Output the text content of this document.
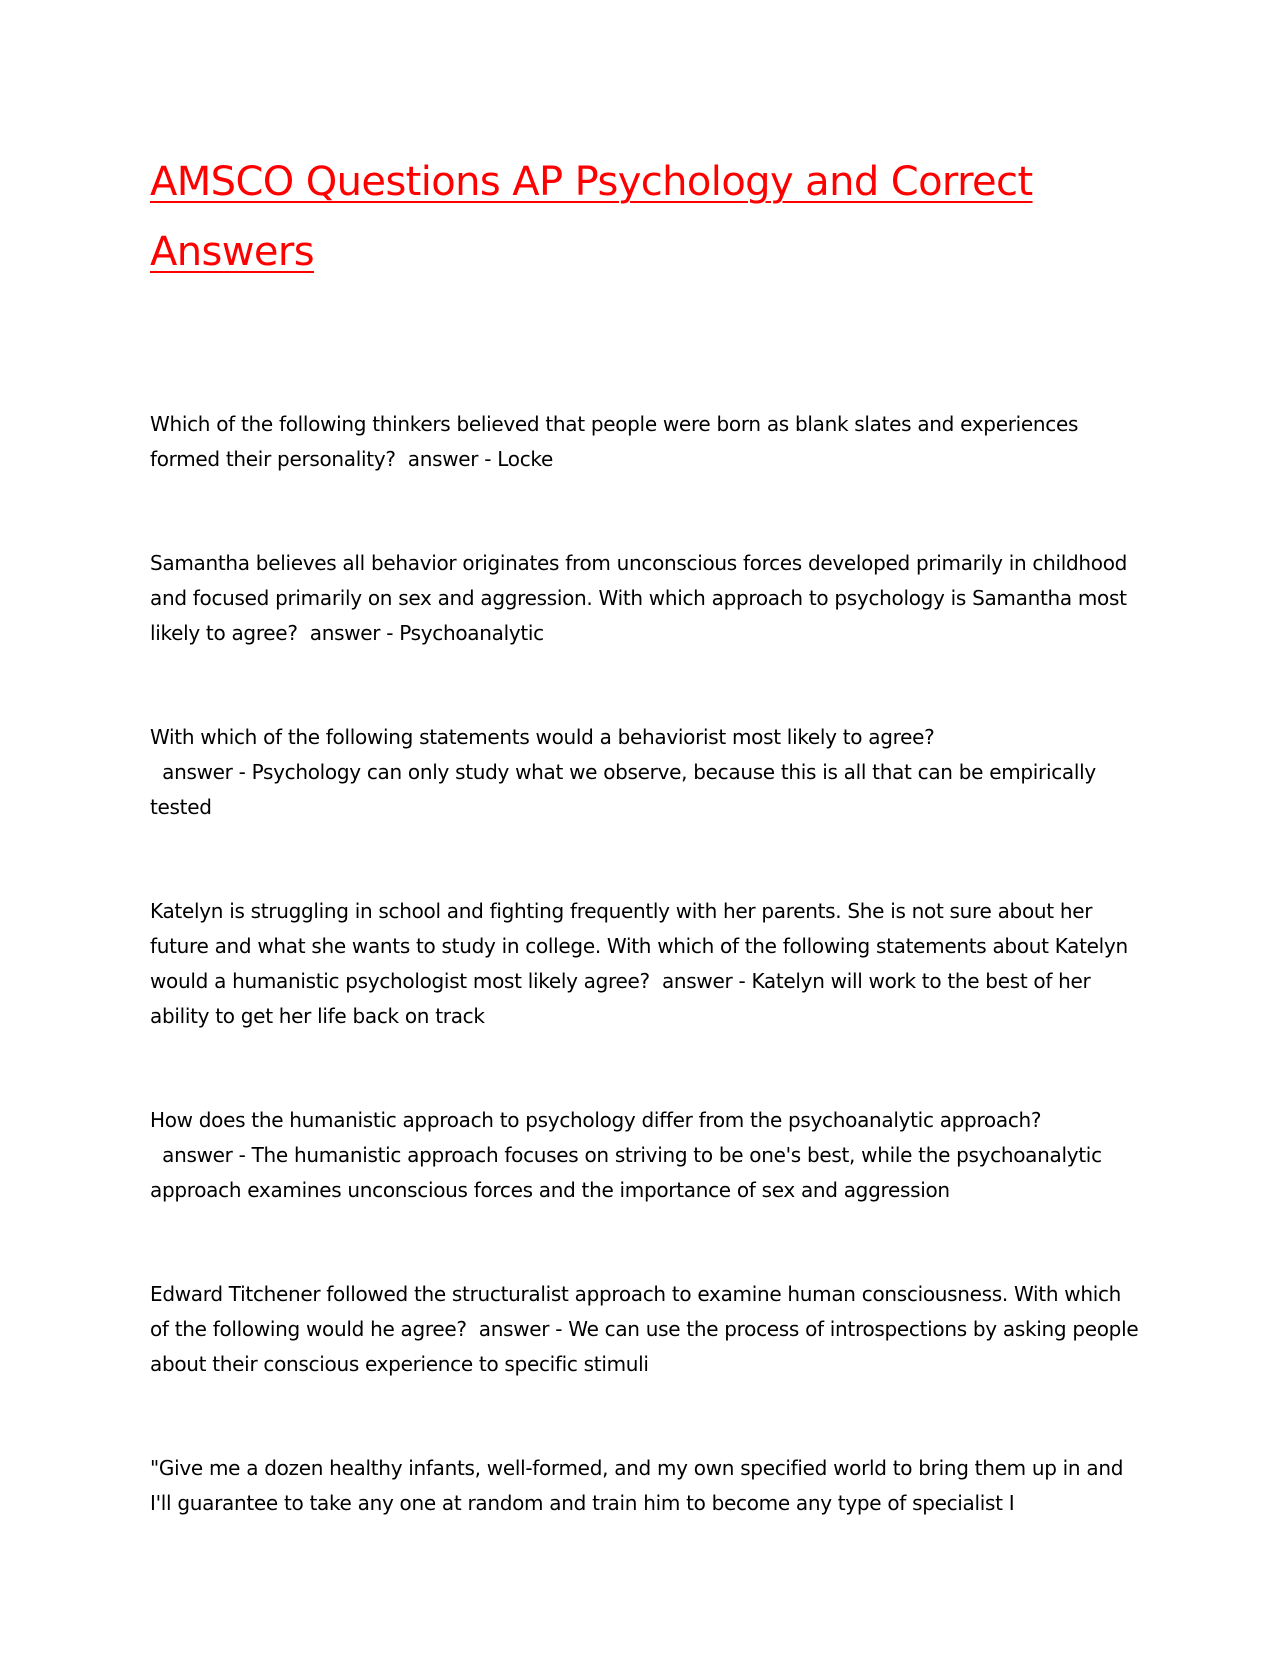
AMSCO Questions AP Psychology and Correct Answers

Which of the following thinkers believed that people were born as blank slates and experiences formed their personality?  answer - Locke

Samantha believes all behavior originates from unconscious forces developed primarily in childhood and focused primarily on sex and aggression. With which approach to psychology is Samantha most likely to agree?  answer - Psychoanalytic

With which of the following statements would a behaviorist most likely to agree?  answer - Psychology can only study what we observe, because this is all that can be empirically tested

Katelyn is struggling in school and fighting frequently with her parents. She is not sure about her future and what she wants to study in college. With which of the following statements about Katelyn would a humanistic psychologist most likely agree?  answer - Katelyn will work to the best of her ability to get her life back on track

How does the humanistic approach to psychology differ from the psychoanalytic approach?  answer - The humanistic approach focuses on striving to be one's best, while the psychoanalytic approach examines unconscious forces and the importance of sex and aggression

Edward Titchener followed the structuralist approach to examine human consciousness. With which of the following would he agree?  answer - We can use the process of introspections by asking people about their conscious experience to specific stimuli

"Give me a dozen healthy infants, well-formed, and my own specified world to bring them up in and I'll guarantee to take any one at random and train him to become any type of specialist I
